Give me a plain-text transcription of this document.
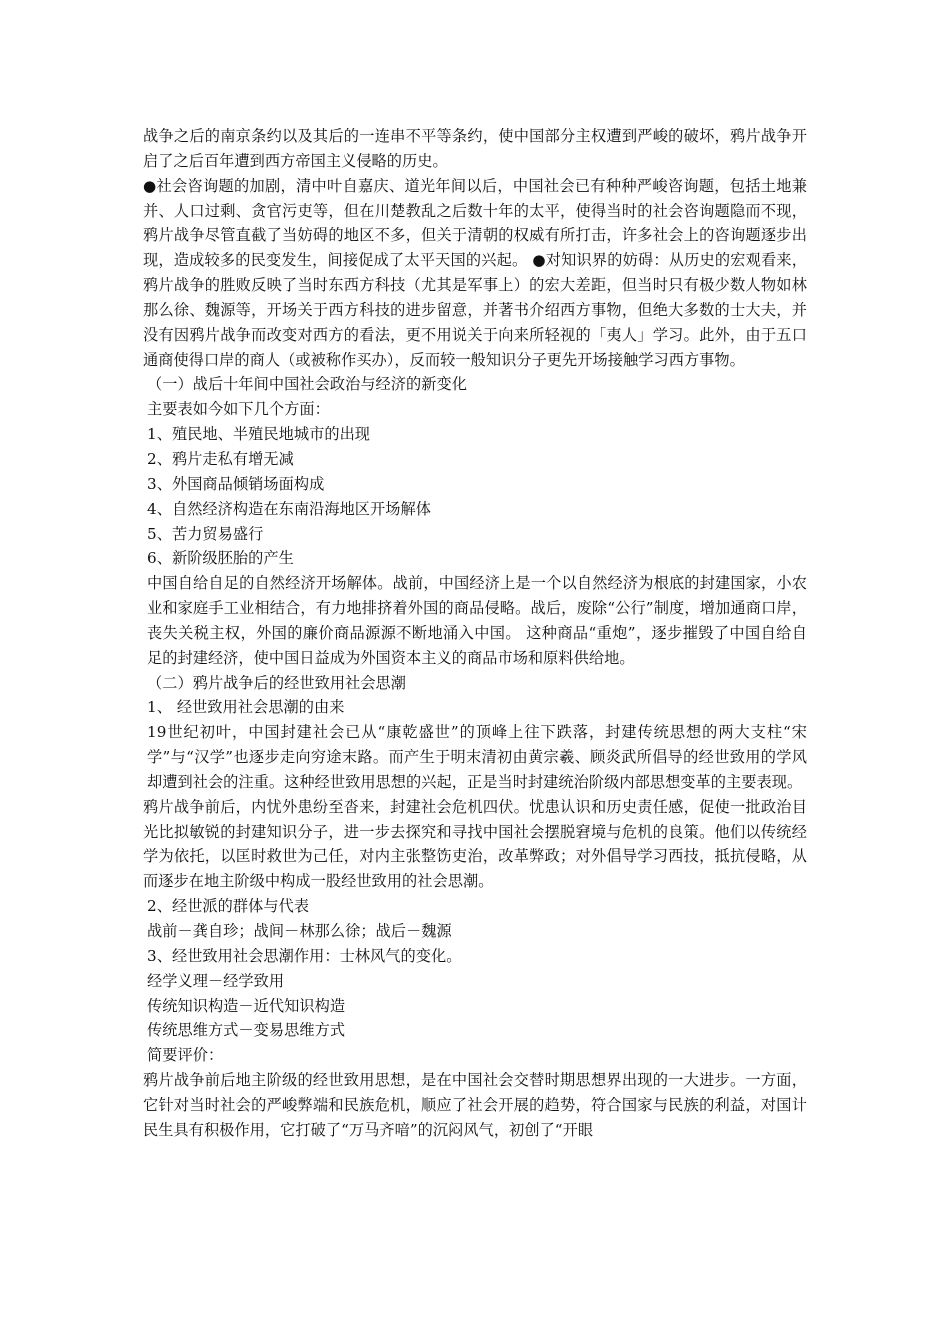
战争之后的南京条约以及其后的一连串不平等条约，使中国部分主权遭到严峻的破坏，鸦片战争开启了之后百年遭到西方帝国主义侵略的历史。

●社会咨询题的加剧，清中叶自嘉庆、道光年间以后，中国社会已有种种严峻咨询题，包括土地兼并、人口过剩、贪官污吏等，但在川楚教乱之后数十年的太平，使得当时的社会咨询题隐而不现，鸦片战争尽管直截了当妨碍的地区不多，但关于清朝的权威有所打击，许多社会上的咨询题逐步出现，造成较多的民变发生，间接促成了太平天国的兴起。 ●对知识界的妨碍：从历史的宏观看来，鸦片战争的胜败反映了当时东西方科技（尤其是军事上）的宏大差距，但当时只有极少数人物如林那么徐、魏源等，开场关于西方科技的进步留意，并著书介绍西方事物，但绝大多数的士大夫，并没有因鸦片战争而改变对西方的看法，更不用说关于向来所轻视的「夷人」学习。此外，由于五口通商使得口岸的商人（或被称作买办），反而较一般知识分子更先开场接触学习西方事物。

（一）战后十年间中国社会政治与经济的新变化

主要表如今如下几个方面：

1、殖民地、半殖民地城市的出现

2、鸦片走私有增无减

3、外国商品倾销场面构成

4、自然经济构造在东南沿海地区开场解体

5、苦力贸易盛行

6、新阶级胚胎的产生

中国自给自足的自然经济开场解体。战前，中国经济上是一个以自然经济为根底的封建国家，小农业和家庭手工业相结合，有力地排挤着外国的商品侵略。战后，废除“公行”制度，增加通商口岸，丧失关税主权，外国的廉价商品源源不断地涌入中国。 这种商品“重炮”，逐步摧毁了中国自给自足的封建经济，使中国日益成为外国资本主义的商品市场和原料供给地。

（二）鸦片战争后的经世致用社会思潮

1、 经世致用社会思潮的由来

19世纪初叶，中国封建社会已从“康乾盛世”的顶峰上往下跌落，封建传统思想的两大支柱“宋学”与“汉学”也逐步走向穷途末路。而产生于明末清初由黄宗羲、顾炎武所倡导的经世致用的学风却遭到社会的注重。这种经世致用思想的兴起，正是当时封建统治阶级内部思想变革的主要表现。

鸦片战争前后，内忧外患纷至沓来，封建社会危机四伏。忧患认识和历史责任感，促使一批政治目光比拟敏锐的封建知识分子，进一步去探究和寻找中国社会摆脱窘境与危机的良策。他们以传统经学为依托，以匡时救世为己任，对内主张整饬吏治，改革弊政；对外倡导学习西技，抵抗侵略，从而逐步在地主阶级中构成一股经世致用的社会思潮。

2、经世派的群体与代表

战前－龚自珍；战间－林那么徐；战后－魏源

3、经世致用社会思潮作用：士林风气的变化。

经学义理－经学致用

传统知识构造－近代知识构造

传统思维方式－变易思维方式

简要评价：

鸦片战争前后地主阶级的经世致用思想，是在中国社会交替时期思想界出现的一大进步。一方面，它针对当时社会的严峻弊端和民族危机，顺应了社会开展的趋势，符合国家与民族的利益，对国计民生具有积极作用，它打破了“万马齐喑”的沉闷风气，初创了“开眼
